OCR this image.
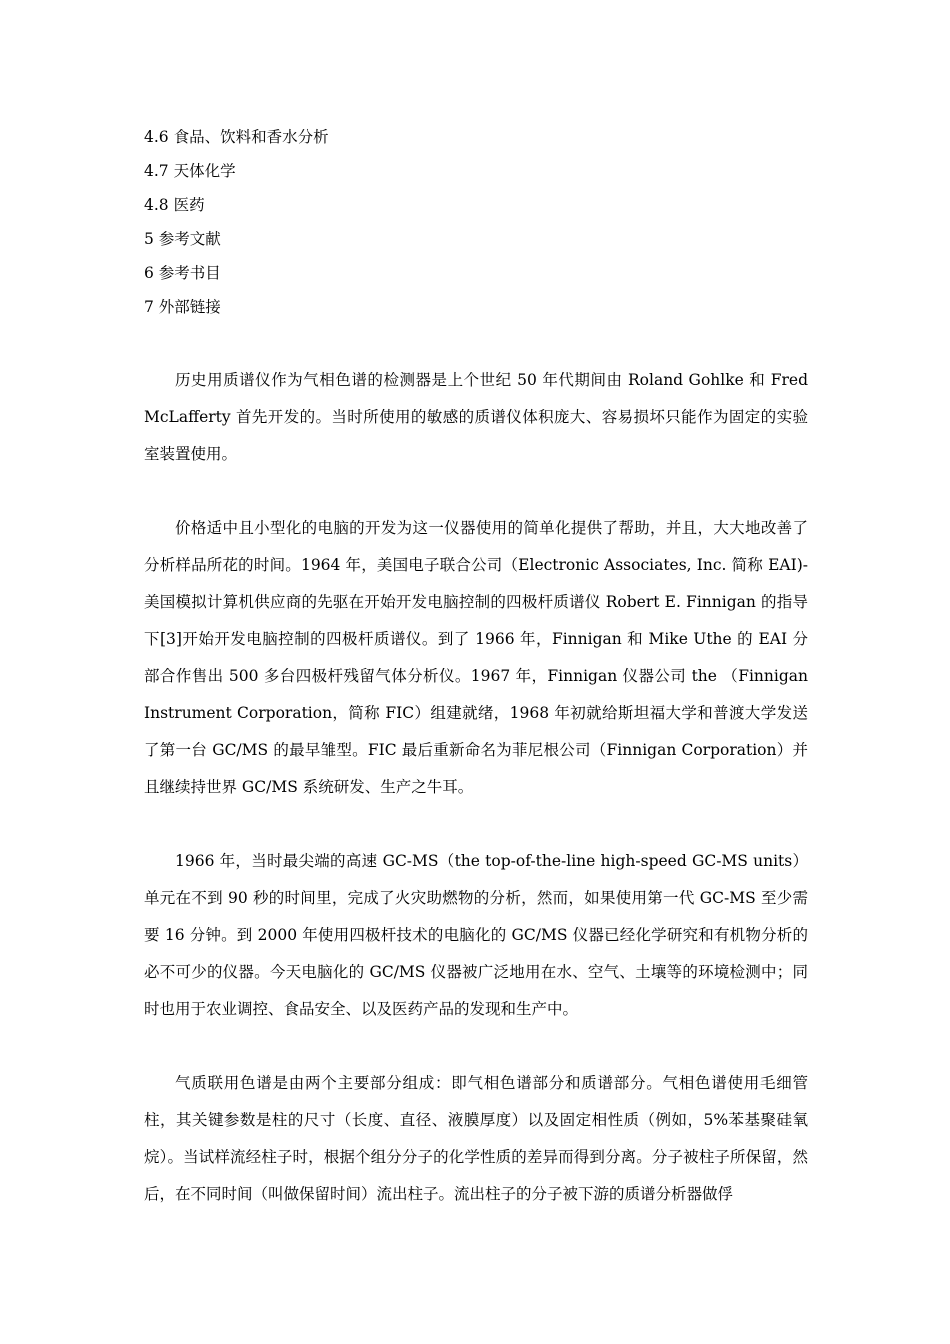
4.6 食品、饮料和香水分析
4.7 天体化学
4.8 医药
5 参考文献
6 参考书目
7 外部链接

历史用质谱仪作为气相色谱的检测器是上个世纪 50 年代期间由 Roland Gohlke 和 Fred McLafferty 首先开发的。当时所使用的敏感的质谱仪体积庞大、容易损坏只能作为固定的实验室装置使用。

价格适中且小型化的电脑的开发为这一仪器使用的简单化提供了帮助，并且，大大地改善了分析样品所花的时间。1964 年，美国电子联合公司（Electronic Associates, Inc. 简称 EAI)-美国模拟计算机供应商的先驱在开始开发电脑控制的四极杆质谱仪 Robert E. Finnigan 的指导下[3]开始开发电脑控制的四极杆质谱仪。到了 1966 年，Finnigan 和 Mike Uthe 的 EAI 分部合作售出 500 多台四极杆残留气体分析仪。1967 年，Finnigan 仪器公司 the （Finnigan Instrument Corporation，简称 FIC）组建就绪，1968 年初就给斯坦福大学和普渡大学发送了第一台 GC/MS 的最早雏型。FIC 最后重新命名为菲尼根公司（Finnigan Corporation）并且继续持世界 GC/MS 系统研发、生产之牛耳。

1966 年，当时最尖端的高速 GC-MS（the top-of-the-line high-speed GC-MS units）单元在不到 90 秒的时间里，完成了火灾助燃物的分析，然而，如果使用第一代 GC-MS 至少需要 16 分钟。到 2000 年使用四极杆技术的电脑化的 GC/MS 仪器已经化学研究和有机物分析的必不可少的仪器。今天电脑化的 GC/MS 仪器被广泛地用在水、空气、土壤等的环境检测中；同时也用于农业调控、食品安全、以及医药产品的发现和生产中。

气质联用色谱是由两个主要部分组成：即气相色谱部分和质谱部分。气相色谱使用毛细管柱，其关键参数是柱的尺寸（长度、直径、液膜厚度）以及固定相性质（例如，5%苯基聚硅氧烷）。当试样流经柱子时，根据个组分分子的化学性质的差异而得到分离。分子被柱子所保留，然后，在不同时间（叫做保留时间）流出柱子。流出柱子的分子被下游的质谱分析器做俘
